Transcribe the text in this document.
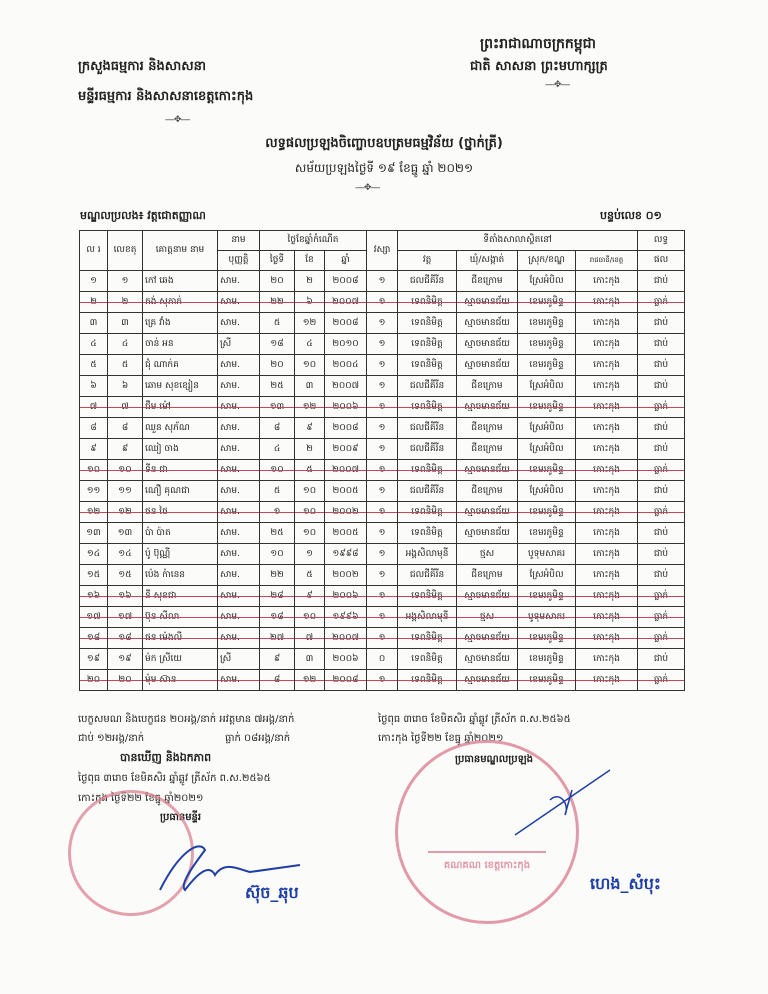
ព្រះរាជាណាចក្រកម្ពុជា
ជាតិ សាសនា ព្រះមហាក្សត្រ
----✥----
ក្រសួងធម្មការ និងសាសនា
មន្ទីរធម្មការ និងសាសនាខេត្តកោះកុង
----✥----
លទ្ធផលប្រឡងចិញ្ចោបឧបត្រមធម្មវិន័យ (ថ្នាក់ត្រី)
សម័យប្រឡងថ្ងៃទី ១៩ ខែធ្នូ ឆ្នាំ ២០២១
----✥----
មណ្ឌលប្រលង៖ វត្តជោតញ្ញាណ	បន្ទប់លេខ ០១
ល រ	លេខតុ	គោត្តនាម នាម	នាម	ថ្ងៃខែឆ្នាំកំណើត			វស្សា	ទីតាំងសាលាស្ថិតនៅ				លទ្ធ
			បុញ្ញត្តិ	ថ្ងៃទី	ខែ	ឆ្នាំ		វត្ត	ឃុំ/សង្កាត់	ស្រុក/ខណ្ឌ	រាជធានី/ខេត្ត	ផល
១	១	កៅ ឆេង	សាម.	២០	២	២០០៨	១	ជលជីគីរីន	ជីខក្រោម	ស្រែអំបិល	កោះកុង	ជាប់
២	២	គង់ សុភាក់	សាម.	២២	៦	២០០៧	១	ទេពនិមិត្ត	ស្មាចមានជ័យ	ខេមរភូមិន្ទ	កោះកុង	ធ្លាក់
៣	៣	គ្រេ វាំង	សាម.	៥	១២	២០០៨	១	ទេពនិមិត្ត	ស្មាចមានជ័យ	ខេមរភូមិន្ទ	កោះកុង	ជាប់
៤	៤	ចាន់ អន	ស្រី	១៨	៤	២០១០	១	ទេពនិមិត្ត	ស្មាចមានជ័យ	ខេមរភូមិន្ទ	កោះកុង	ជាប់
៥	៥	ជុំ ណាក់គ	សាម.	២០	១០	២០០៤	១	ទេពនិមិត្ត	ស្មាចមានជ័យ	ខេមរភូមិន្ទ	កោះកុង	ជាប់
៦	៦	ឆោម សុខខ្សៀន	សាម.	២៥	៣	២០០៧	១	ជលជីគីរីន	ជីខក្រោម	ស្រែអំបិល	កោះកុង	ជាប់
៧	៧	ជឹម ម៉ៅ	សាម.	១៣	១២	២០០៦	១	ទេពនិមិត្ត	ស្មាចមានជ័យ	ខេមរភូមិន្ទ	កោះកុង	ធ្លាក់
៨	៨	ឈួន សុភ័ណ	សាម.	៨	៩	២០០៨	១	ជលជីគីរីន	ជីខក្រោម	ស្រែអំបិល	កោះកុង	ជាប់
៩	៩	ឈៀ ចាង	សាម.	៤	២	២០០៩	១	ជលជីគីរីន	ជីខក្រោម	ស្រែអំបិល	កោះកុង	ជាប់
១០	១០	ទីន ជា	សាម.	១០	៥	២០០៧	១	ទេពនិមិត្ត	ស្មាចមានជ័យ	ខេមរភូមិន្ទ	កោះកុង	ធ្លាក់
១១	១១	ណឿ គុណជា	សាម.	៥	១០	២០០៥	១	ជលជីគីរីន	ជីខក្រោម	ស្រែអំបិល	កោះកុង	ជាប់
១២	១២	ថន ថៃ	សាម.	១	១០	២០០២	១	ទេពនិមិត្ត	ស្មាចមានជ័យ	ខេមរភូមិន្ទ	កោះកុង	ធ្លាក់
១៣	១៣	ប៉ា ប៉ាត	សាម.	២៥	១០	២០០៥	១	ទេពនិមិត្ត	ស្មាចមានជ័យ	ខេមរភូមិន្ទ	កោះកុង	ជាប់
១៤	១៤	ប៉ូ ប៊ុណ្ណី	សាម.	១០	១	១៩៩៨	១	អង្គសិលាមុនី	ថ្មស	បូទុមសាគរ	កោះកុង	ជាប់
១៥	១៥	ប៉េង ក៉ានេន	សាម.	២២	៥	២០០២	១	ជលជីគីរីន	ជីខក្រោម	ស្រែអំបិល	កោះកុង	ជាប់
១៦	១៦	នី សុខជា	សាម.	២៨	៩	២០០៦	១	ទេពនិមិត្ត	ស្មាចមានជ័យ	ខេមរភូមិន្ទ	កោះកុង	ធ្លាក់
១៧	១៧	ប៊ុន សីលា	សាម.	១៨	១០	១៩៩៦	១	អង្គសិលាមុនី	ថ្មស	បូទុមសាគរ	កោះកុង	ធ្លាក់
១៨	១៨	ផន ម៉េងលី	សាម.	២៧	៧	២០០៧	១	ទេពនិមិត្ត	ស្មាចមានជ័យ	ខេមរភូមិន្ទ	កោះកុង	ធ្លាក់
១៩	១៩	ម៉ក ស្រីយេ	ស្រី	៩	៣	២០០៦	០	ទេពនិមិត្ត	ស្មាចមានជ័យ	ខេមរភូមិន្ទ	កោះកុង	ជាប់
២០	២០	ម៉ុម ស៊ាន	សាម.	៨	១២	២០០៨	១	ទេពនិមិត្ត	ស្មាចមានជ័យ	ខេមរភូមិន្ទ	កោះកុង	ធ្លាក់
បេក្ខសមណ និងបេក្ខជន ២០អង្គ/នាក់ អវត្តមាន ៧អង្គ/នាក់
ជាប់ ១២អង្គ/នាក់	ធ្លាក់ ០៨អង្គ/នាក់
បានឃើញ និងឯកភាព
ថ្ងៃពុធ ៣រោច ខែមិគសិរ ឆ្នាំឆ្លូវ ត្រីស័ក ព.ស.២៥៦៥
កោះកុង ថ្ងៃទី២២ ខែធ្នូ ឆ្នាំ២០២១
ប្រធានមន្ទីរ
ថ្ងៃពុធ ៣រោច ខែមិគសិរ ឆ្នាំឆ្លូវ ត្រីស័ក ព.ស.២៥៦៥
កោះកុង ថ្ងៃទី២២ ខែធ្នូ ឆ្នាំ២០២១
ប្រធានមណ្ឌលប្រឡង
គណគណ ខេត្តកោះកុង
ស៊ុច_ឆុប	ហេង_សំបុះ
